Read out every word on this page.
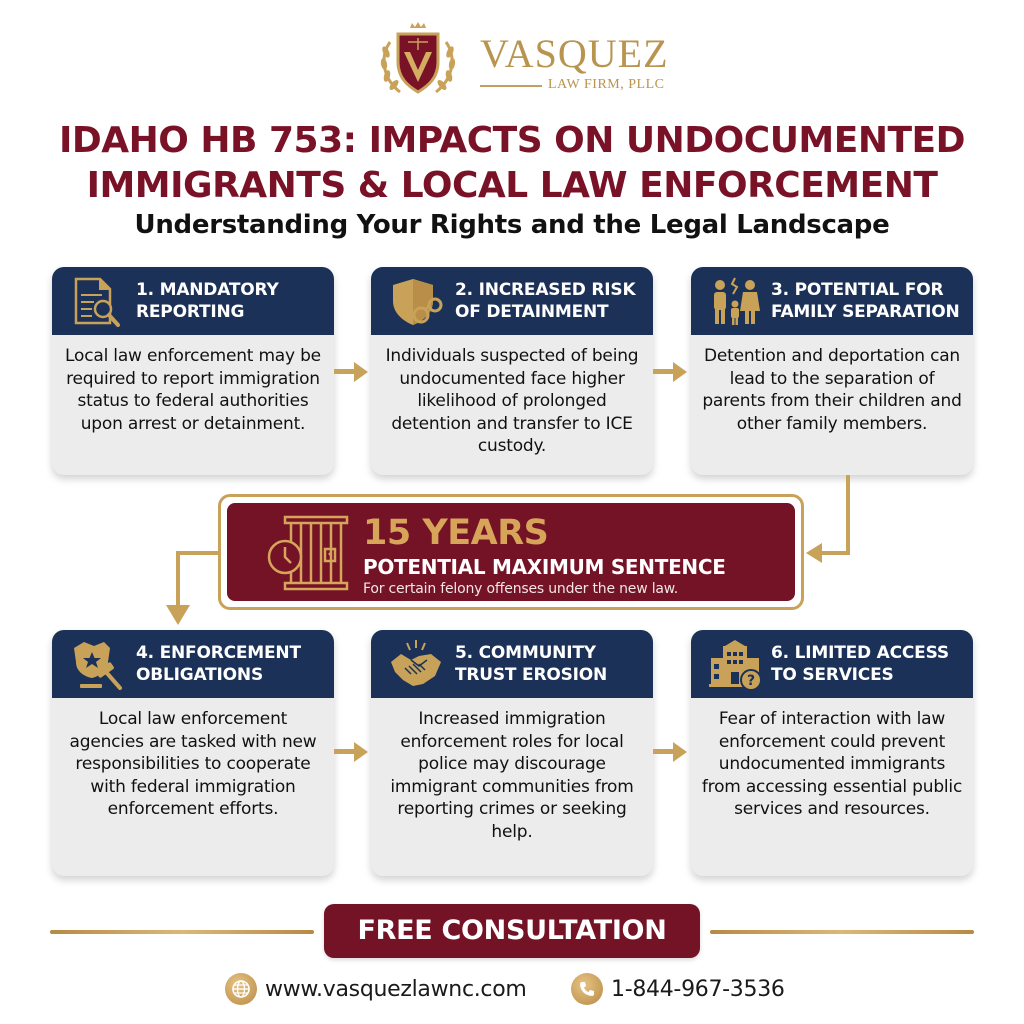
VASQUEZ
LAW FIRM, PLLC
IDAHO HB 753: IMPACTS ON UNDOCUMENTED
IMMIGRANTS & LOCAL LAW ENFORCEMENT
Understanding Your Rights and the Legal Landscape
1. MANDATORY
REPORTING
Local law enforcement may be required to report immigration status to federal authorities upon arrest or detainment.
2. INCREASED RISK
OF DETAINMENT
Individuals suspected of being undocumented face higher likelihood of prolonged detention and transfer to ICE custody.
3. POTENTIAL FOR
FAMILY SEPARATION
Detention and deportation can lead to the separation of parents from their children and other family members.
15 YEARS
POTENTIAL MAXIMUM SENTENCE
For certain felony offenses under the new law.
4. ENFORCEMENT
OBLIGATIONS
Local law enforcement agencies are tasked with new responsibilities to cooperate with federal immigration enforcement efforts.
5. COMMUNITY
TRUST EROSION
Increased immigration enforcement roles for local police may discourage immigrant communities from reporting crimes or seeking help.
?
6. LIMITED ACCESS
TO SERVICES
Fear of interaction with law enforcement could prevent undocumented immigrants from accessing essential public services and resources.
FREE CONSULTATION
www.vasquezlawnc.com	1-844-967-3536
